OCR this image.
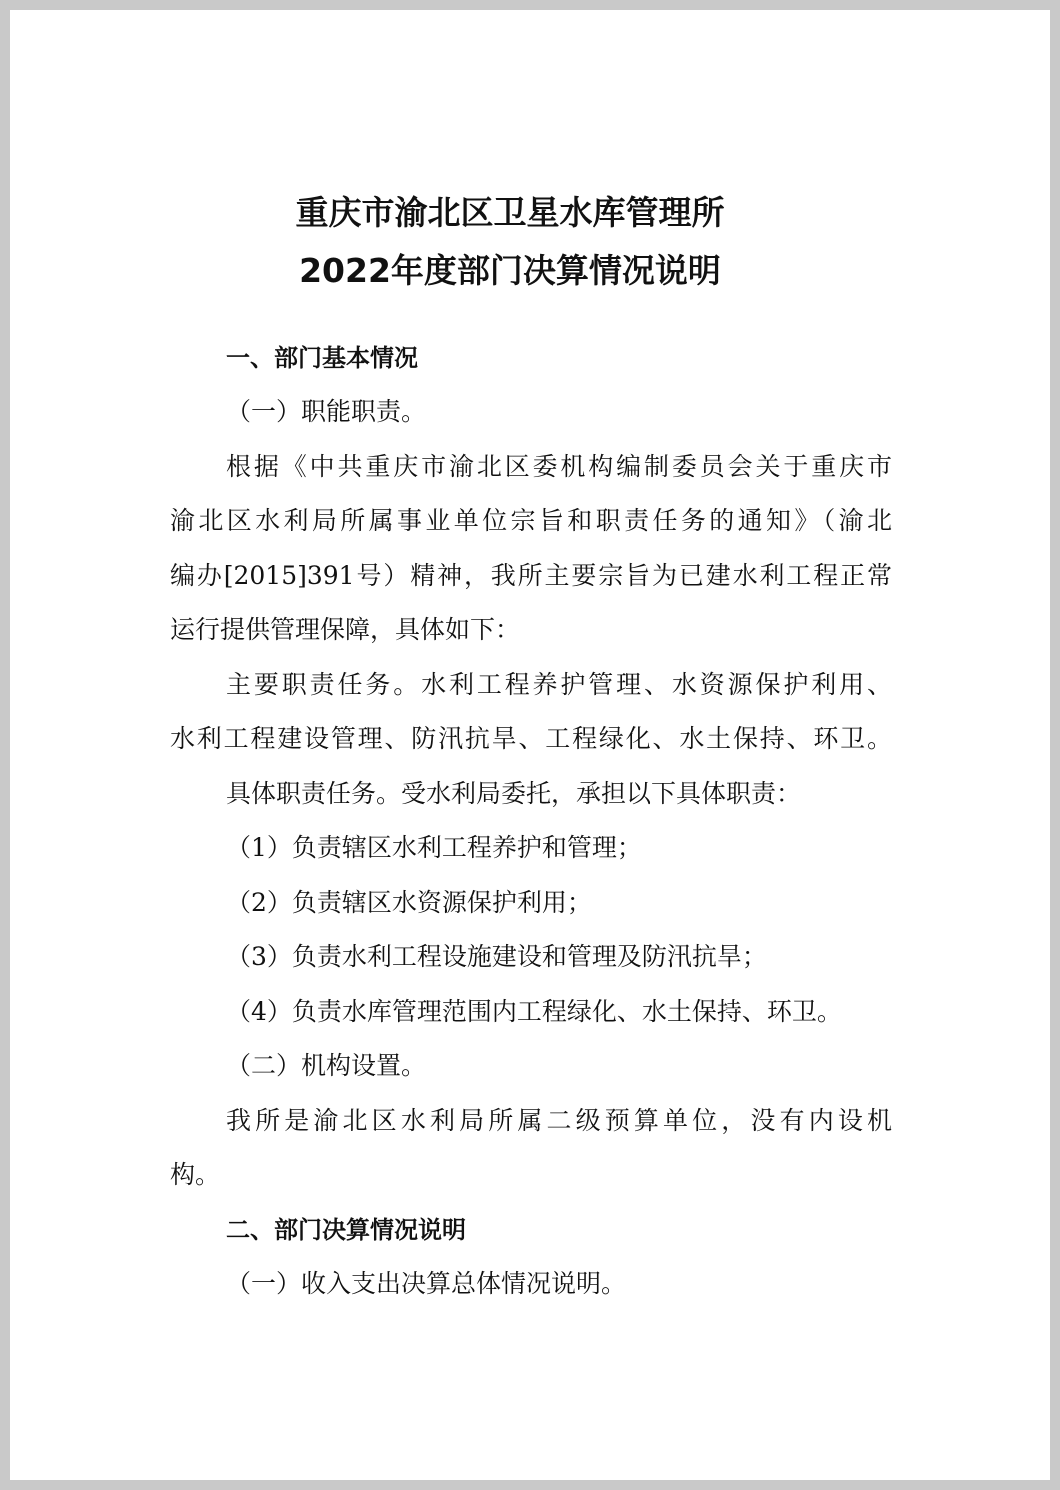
重庆市渝北区卫星水库管理所
2022年度部门决算情况说明
一、部门基本情况
（一）职能职责。
根据《中共重庆市渝北区委机构编制委员会关于重庆市
渝北区水利局所属事业单位宗旨和职责任务的通知》（渝北
编办[2015]391号）精神，我所主要宗旨为已建水利工程正常
运行提供管理保障，具体如下：
主要职责任务。水利工程养护管理、水资源保护利用、
水利工程建设管理、防汛抗旱、工程绿化、水土保持、环卫。
具体职责任务。受水利局委托，承担以下具体职责：
（1）负责辖区水利工程养护和管理；
（2）负责辖区水资源保护利用；
（3）负责水利工程设施建设和管理及防汛抗旱；
（4）负责水库管理范围内工程绿化、水土保持、环卫。
（二）机构设置。
我所是渝北区水利局所属二级预算单位，没有内设机
构。
二、部门决算情况说明
（一）收入支出决算总体情况说明。
